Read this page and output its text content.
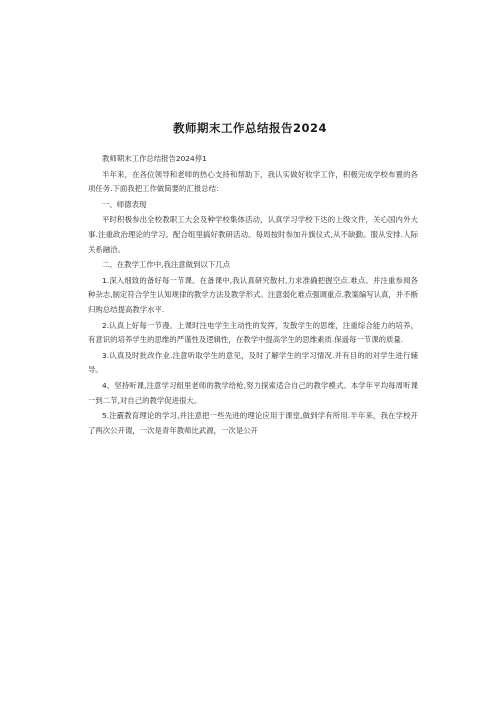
教师期末工作总结报告2024

教师期末工作总结报告2024停1

半年来，在各位领导和老师的热心支持和帮助下，我认实做好收学工作，积极完成学校布置的各项任务.下面我把工作做简要的汇报总结：

一、师德表现

平时积极参出全校教职工大会及种学校集体活动，认真学习学校下达的上级文件，关心国内外大事.注重政治理论的学习。配合组里搞好教研活动。每周按时参加升旗仪式,从不缺勤。服从安排.人际关系融洽。

二、在教学工作中,我注意做到以下几点

1.深入细致的备好每一节课。在备课中,我认真研究散村,力求准确把握空点.难点。并注重参阅各种杂志,制定符合学生认知规律的教学方法及教学形式。注意弱化难点强调重点.教案编写认真，并不断归购总结提高教学水平.

2.认真上好每一节漫。上课时注电学生主动性的发挥，发散学生的思维，注重综合能力的培养，有意识的培养学生的思维的严谨性及逻辑性，在教学中提高学生的思维素质.保遥每一节课的质量.

3.认真及时批改作业.注意听取学生的意见，及时了解学生的学习情况.并有目的的对学生进行辅导。

4、坚持听课,注意学习组里老师的教学给枪,努力探索适合自己的教学模式。本学年平均每周听课一到二节,对自己的教学促进很大。

5.注霰教育理论的学习,并注意把一些先进的理论应用于课堂,做到学有所用.半年来，我在学校开了两次公开谡，一次是青年教师比武源，一次是公开
